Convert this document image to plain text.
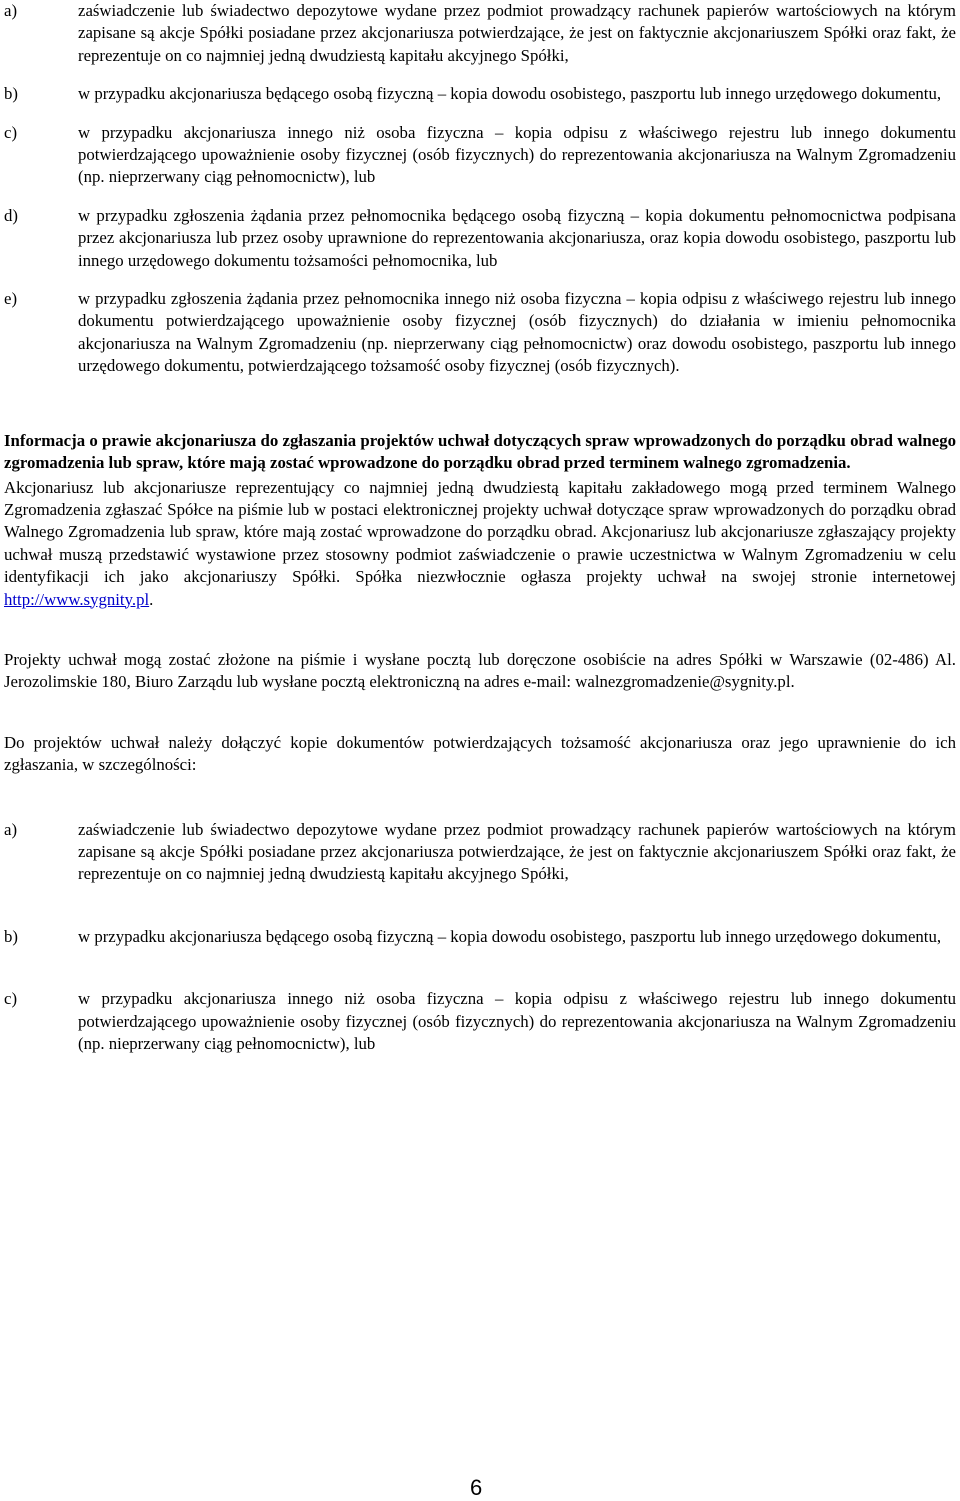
a)	zaświadczenie lub świadectwo depozytowe wydane przez podmiot prowadzący rachunek papierów wartościowych na którym zapisane są akcje Spółki posiadane przez akcjonariusza potwierdzające, że jest on faktycznie akcjonariuszem Spółki oraz fakt, że reprezentuje on co najmniej jedną dwudziestą kapitału akcyjnego Spółki,
b)	w przypadku akcjonariusza będącego osobą fizyczną – kopia dowodu osobistego, paszportu lub innego urzędowego dokumentu,
c)	w przypadku akcjonariusza innego niż osoba fizyczna – kopia odpisu z właściwego rejestru lub innego dokumentu potwierdzającego upoważnienie osoby fizycznej (osób fizycznych) do reprezentowania akcjonariusza na Walnym Zgromadzeniu (np. nieprzerwany ciąg pełnomocnictw), lub
d)	w przypadku zgłoszenia żądania przez pełnomocnika będącego osobą fizyczną – kopia dokumentu pełnomocnictwa podpisana przez akcjonariusza lub przez osoby uprawnione do reprezentowania akcjonariusza, oraz kopia dowodu osobistego, paszportu lub innego urzędowego dokumentu tożsamości pełnomocnika, lub
e)	w przypadku zgłoszenia żądania przez pełnomocnika innego niż osoba fizyczna – kopia odpisu z właściwego rejestru lub innego dokumentu potwierdzającego upoważnienie osoby fizycznej (osób fizycznych) do działania w imieniu pełnomocnika akcjonariusza na Walnym Zgromadzeniu (np. nieprzerwany ciąg pełnomocnictw) oraz dowodu osobistego, paszportu lub innego urzędowego dokumentu, potwierdzającego tożsamość osoby fizycznej (osób fizycznych).

Informacja o prawie akcjonariusza do zgłaszania projektów uchwał dotyczących spraw wprowadzonych do porządku obrad walnego zgromadzenia lub spraw, które mają zostać wprowadzone do porządku obrad przed terminem walnego zgromadzenia.

Akcjonariusz lub akcjonariusze reprezentujący co najmniej jedną dwudziestą kapitału zakładowego mogą przed terminem Walnego Zgromadzenia zgłaszać Spółce na piśmie lub w postaci elektronicznej projekty uchwał dotyczące spraw wprowadzonych do porządku obrad Walnego Zgromadzenia lub spraw, które mają zostać wprowadzone do porządku obrad. Akcjonariusz lub akcjonariusze zgłaszający projekty uchwał muszą przedstawić wystawione przez stosowny podmiot zaświadczenie o prawie uczestnictwa w Walnym Zgromadzeniu w celu identyfikacji ich jako akcjonariuszy Spółki. Spółka niezwłocznie ogłasza projekty uchwał na swojej stronie internetowej http://www.sygnity.pl.

Projekty uchwał mogą zostać złożone na piśmie i wysłane pocztą lub doręczone osobiście na adres Spółki w Warszawie (02-486) Al. Jerozolimskie 180, Biuro Zarządu lub wysłane pocztą elektroniczną na adres e-mail: walnezgromadzenie@sygnity.pl.

Do projektów uchwał należy dołączyć kopie dokumentów potwierdzających tożsamość akcjonariusza oraz jego uprawnienie do ich zgłaszania, w szczególności:

a)	zaświadczenie lub świadectwo depozytowe wydane przez podmiot prowadzący rachunek papierów wartościowych na którym zapisane są akcje Spółki posiadane przez akcjonariusza potwierdzające, że jest on faktycznie akcjonariuszem Spółki oraz fakt, że reprezentuje on co najmniej jedną dwudziestą kapitału akcyjnego Spółki,
b)	w przypadku akcjonariusza będącego osobą fizyczną – kopia dowodu osobistego, paszportu lub innego urzędowego dokumentu,
c)	w przypadku akcjonariusza innego niż osoba fizyczna – kopia odpisu z właściwego rejestru lub innego dokumentu potwierdzającego upoważnienie osoby fizycznej (osób fizycznych) do reprezentowania akcjonariusza na Walnym Zgromadzeniu (np. nieprzerwany ciąg pełnomocnictw), lub
6
